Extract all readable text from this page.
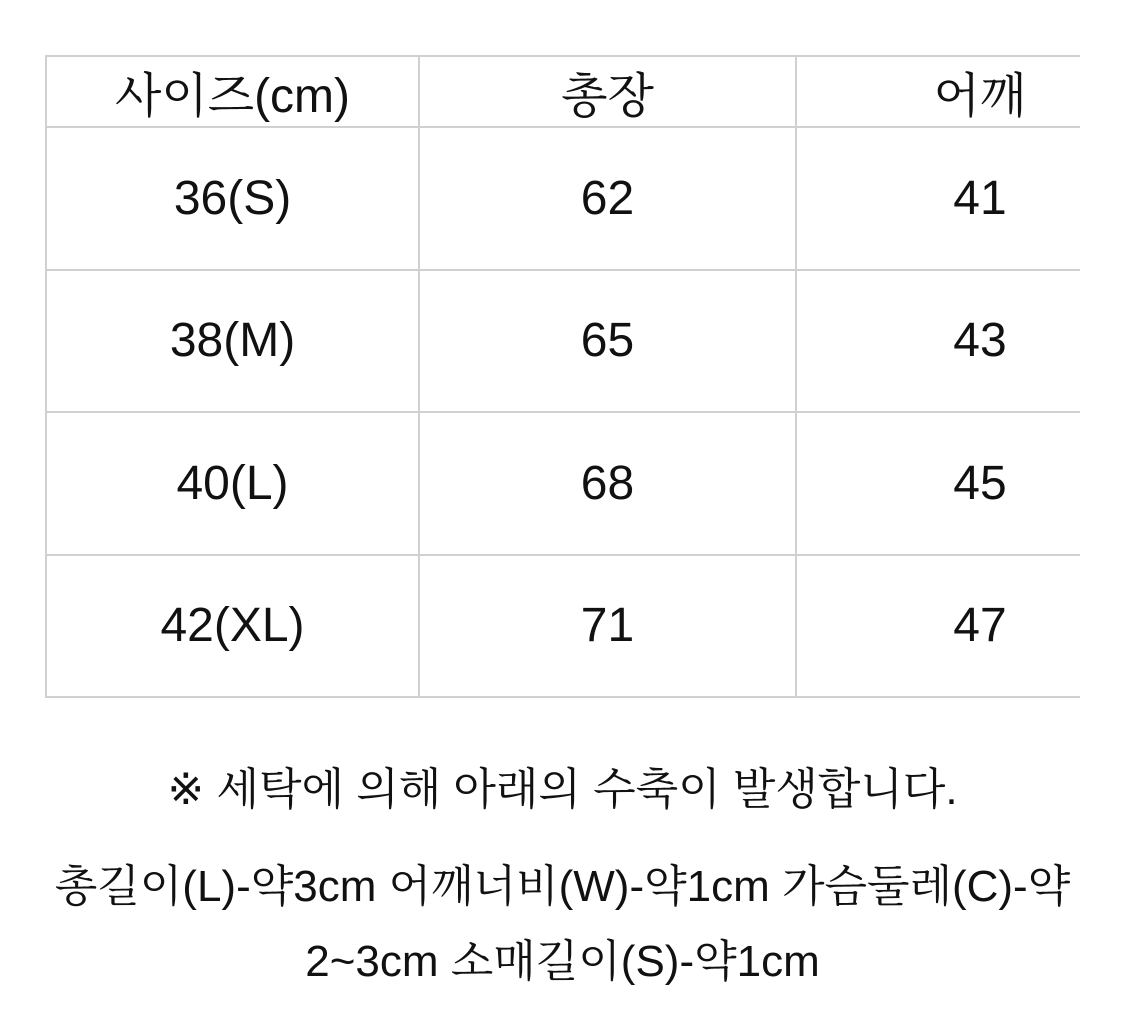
사이즈(cm)	총장	어깨
36(S)	62	41
38(M)	65	43
40(L)	68	45
42(XL)	71	47
※ 세탁에 의해 아래의 수축이 발생합니다.
총길이(L)-약3cm 어깨너비(W)-약1cm 가슴둘레(C)-약
2~3cm 소매길이(S)-약1cm
